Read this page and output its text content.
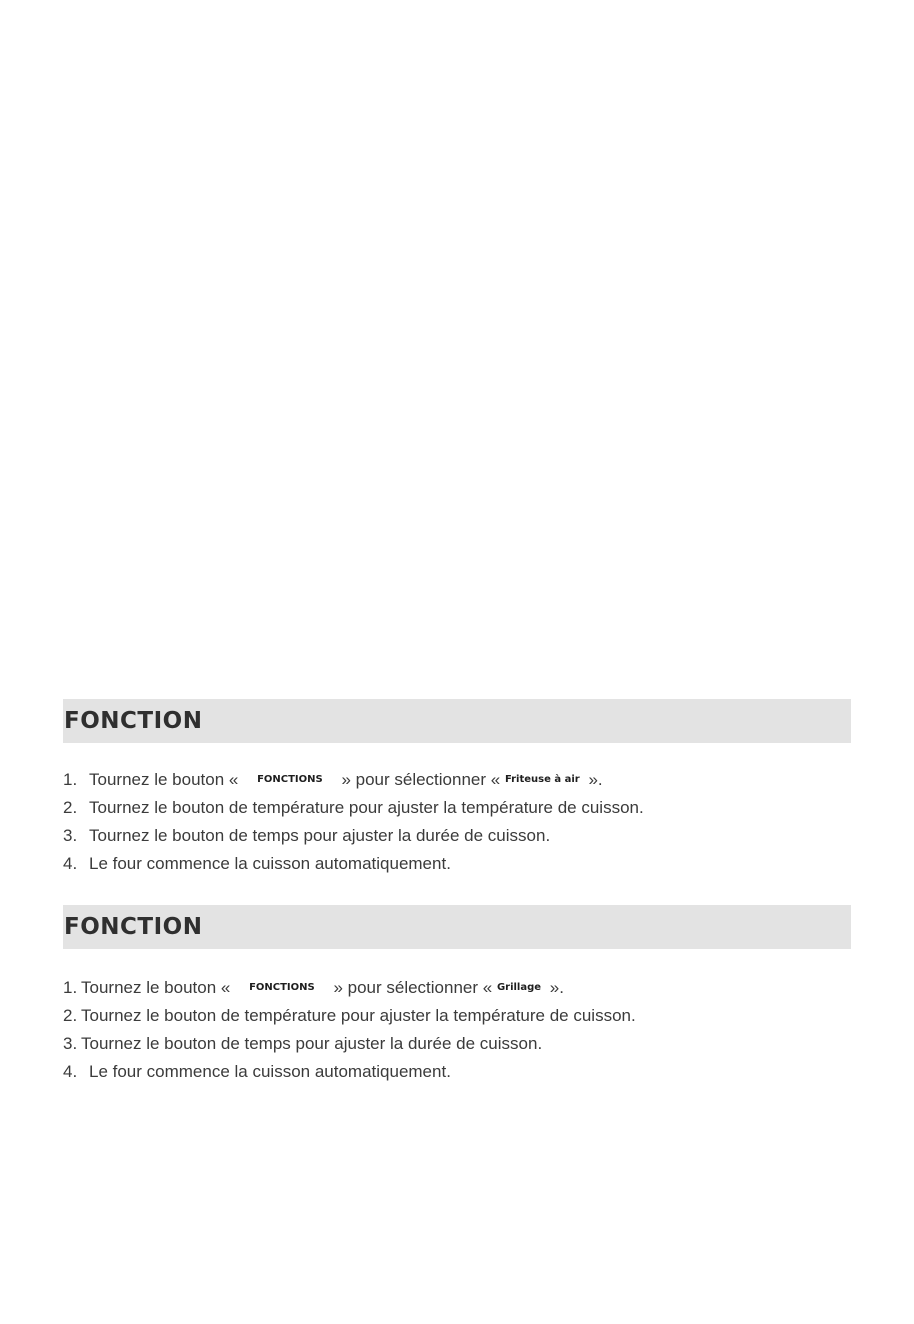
FONCTION
1. Tournez le bouton « FONCTIONS » pour sélectionner « Friteuse à air ».
2. Tournez le bouton de température pour ajuster la température de cuisson.
3. Tournez le bouton de temps pour ajuster la durée de cuisson.
4. Le four commence la cuisson automatiquement.
FONCTION
1. Tournez le bouton « FONCTIONS » pour sélectionner « Grillage ».
2. Tournez le bouton de température pour ajuster la température de cuisson.
3. Tournez le bouton de temps pour ajuster la durée de cuisson.
4. Le four commence la cuisson automatiquement.
